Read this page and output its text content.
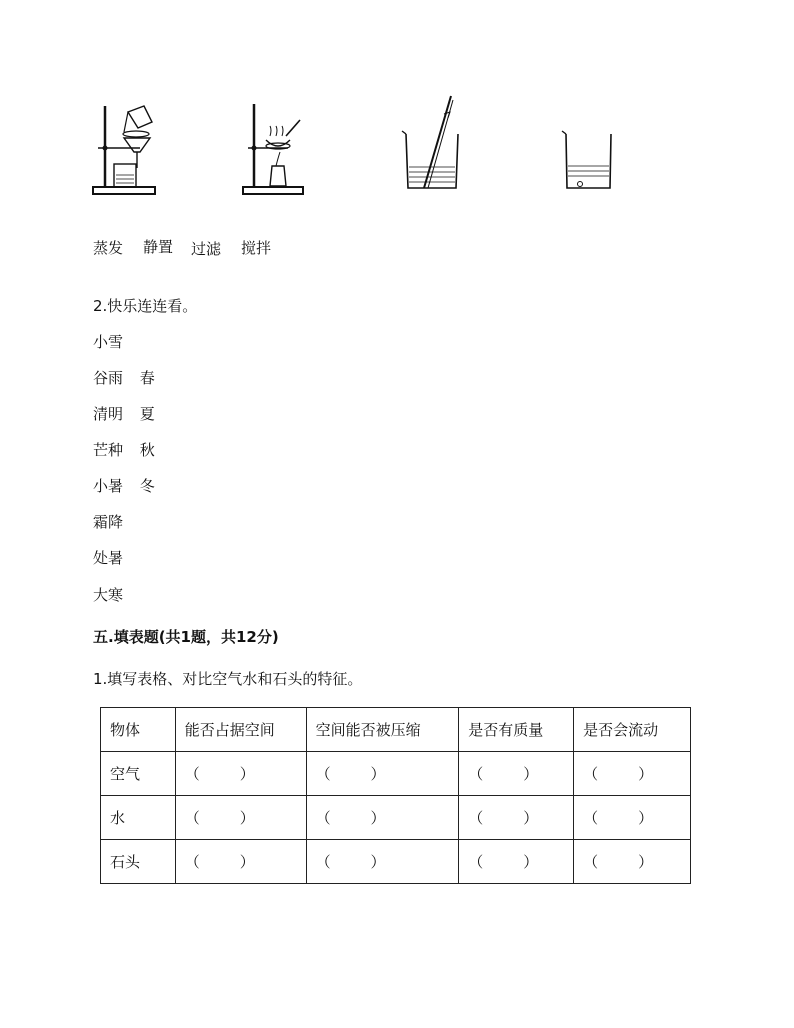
蒸发 静置 过滤 搅拌
2.快乐连连看。
小雪
谷雨 春
清明 夏
芒种 秋
小暑 冬
霜降
处暑
大寒
五.填表题(共1题，共12分)
1.填写表格、对比空气水和石头的特征。
物体	能否占据空间	空间能否被压缩	是否有质量	是否会流动
空气	（ ）	（ ）	（ ）	（ ）

水	（ ）	（ ）	（ ）	（ ）

石头	（ ）	（ ）	（ ）	（ ）
